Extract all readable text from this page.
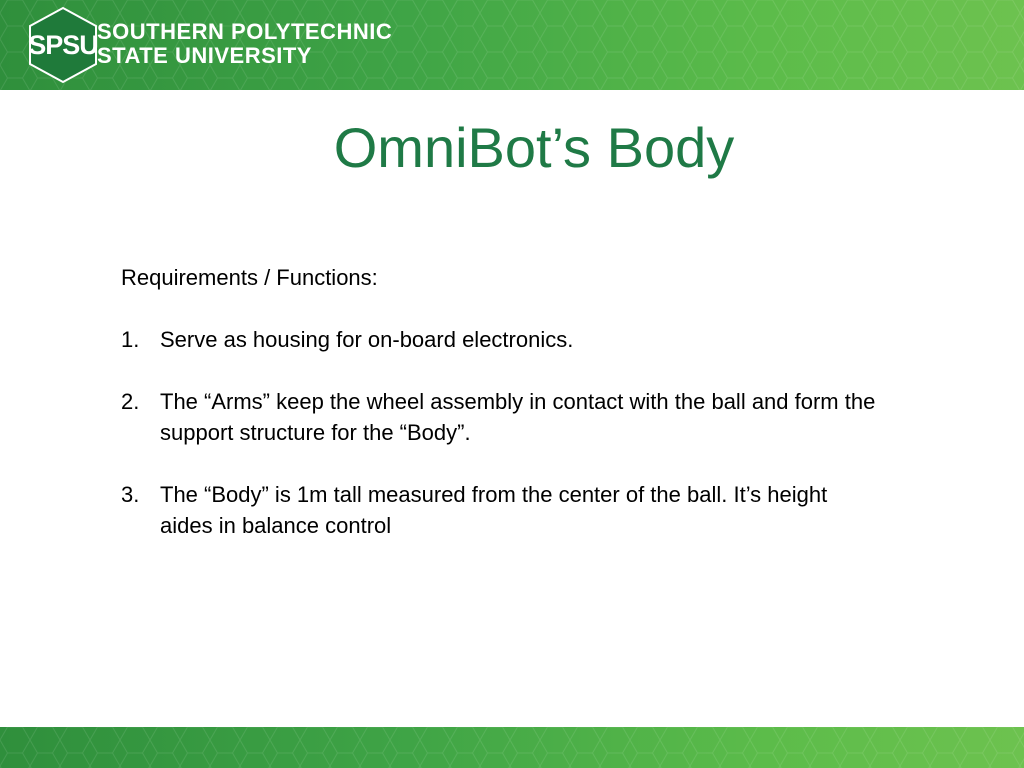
SPSU SOUTHERN POLYTECHNIC
STATE UNIVERSITY
OmniBot’s Body
Requirements / Functions:
1. Serve as housing for on-board electronics.
2. The “Arms” keep the wheel assembly in contact with the ball and form the support structure for the “Body”.
3. The “Body” is 1m tall measured from the center of the ball. It’s height aides in balance control
